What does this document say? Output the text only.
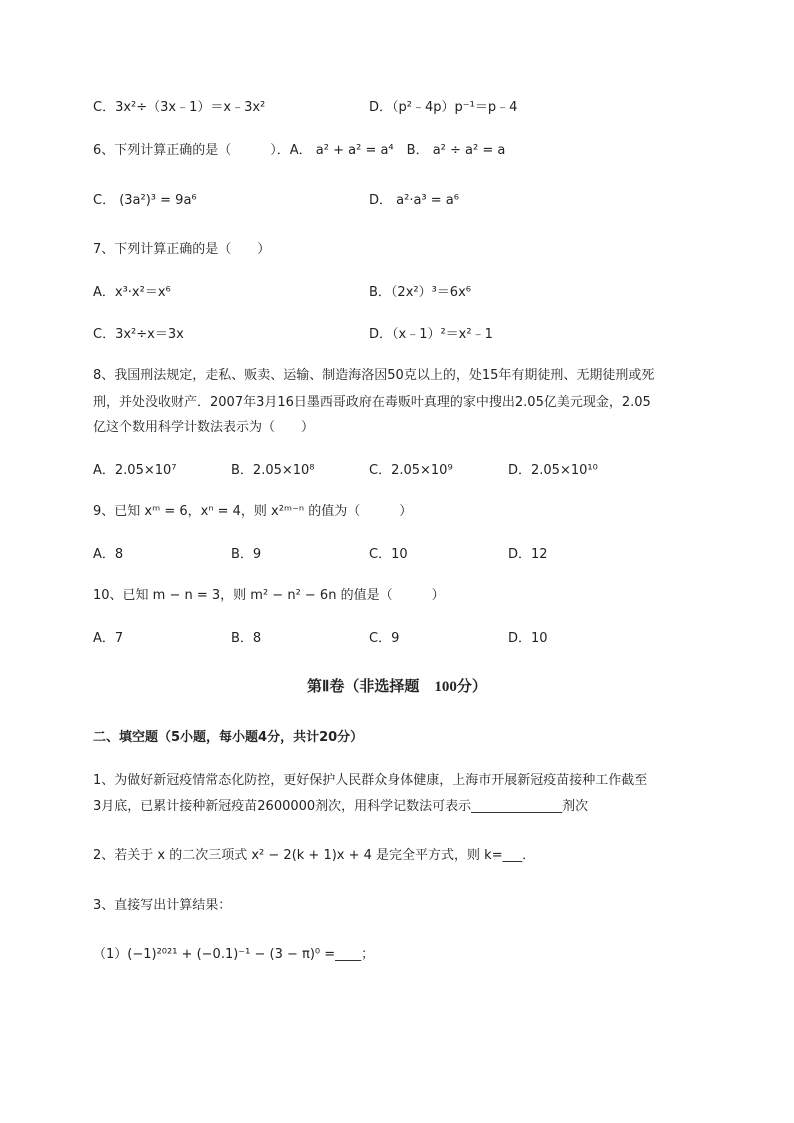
C．3x²÷（3x﹣1）＝x﹣3x²	D．（p²﹣4p）p⁻¹＝p﹣4
6、下列计算正确的是（　　　）．A． a² + a² = a⁴　B． a² ÷ a² = a
C． (3a²)³ = 9a⁶	D． a²·a³ = a⁶
7、下列计算正确的是（　　）
A．x³·x²＝x⁶	B．（2x²）³＝6x⁶
C．3x²÷x＝3x	D．（x﹣1）²＝x²﹣1
8、我国刑法规定，走私、贩卖、运输、制造海洛因50克以上的，处15年有期徒刑、无期徒刑或死
刑，并处没收财产．2007年3月16日墨西哥政府在毒贩叶真理的家中搜出2.05亿美元现金，2.05
亿这个数用科学计数法表示为（　　）
A．2.05×10⁷	B．2.05×10⁸	C．2.05×10⁹	D．2.05×10¹⁰
9、已知 xᵐ = 6，xⁿ = 4，则 x²ᵐ⁻ⁿ 的值为（　　　）
A．8	B．9	C．10	D．12
10、已知 m − n = 3，则 m² − n² − 6n 的值是（　　　）
A．7	B．8	C．9	D．10
第Ⅱ卷（非选择题　100分）
二、填空题（5小题，每小题4分，共计20分）
1、为做好新冠疫情常态化防控，更好保护人民群众身体健康，上海市开展新冠疫苗接种工作截至
3月底，已累计接种新冠疫苗2600000剂次，用科学记数法可表示______________剂次
2、若关于 x 的二次三项式 x² − 2(k + 1)x + 4 是完全平方式，则 k=___．
3、直接写出计算结果：
（1）(−1)²⁰²¹ + (−0.1)⁻¹ − (3 − π)⁰ =____；
